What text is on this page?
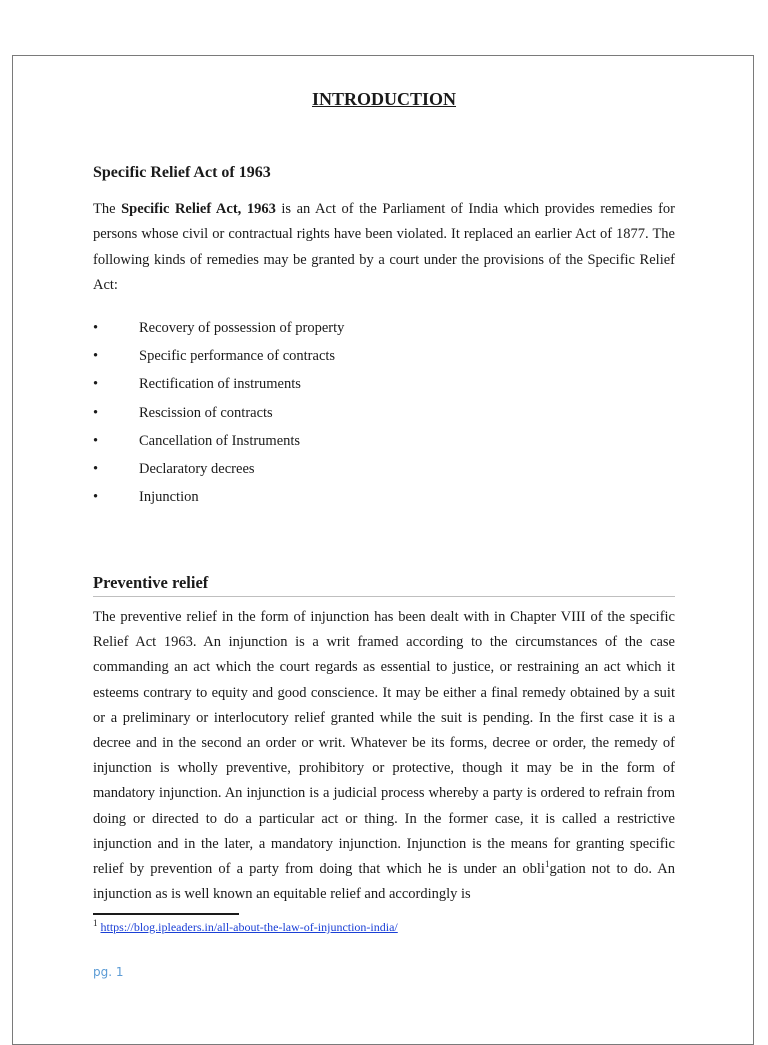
INTRODUCTION
Specific Relief Act of 1963

The Specific Relief Act, 1963 is an Act of the Parliament of India which provides remedies for persons whose civil or contractual rights have been violated. It replaced an earlier Act of 1877. The following kinds of remedies may be granted by a court under the provisions of the Specific Relief Act:

•	Recovery of possession of property
•	Specific performance of contracts
•	Rectification of instruments
•	Rescission of contracts
•	Cancellation of Instruments
•	Declaratory decrees
•	Injunction
Preventive relief

The preventive relief in the form of injunction has been dealt with in Chapter VIII of the specific Relief Act 1963. An injunction is a writ framed according to the circumstances of the case commanding an act which the court regards as essential to justice, or restraining an act which it esteems contrary to equity and good conscience. It may be either a final remedy obtained by a suit or a preliminary or interlocutory relief granted while the suit is pending. In the first case it is a decree and in the second an order or writ. Whatever be its forms, decree or order, the remedy of injunction is wholly preventive, prohibitory or protective, though it may be in the form of mandatory injunction. An injunction is a judicial process whereby a party is ordered to refrain from doing or directed to do a particular act or thing. In the former case, it is called a restrictive injunction and in the later, a mandatory injunction. Injunction is the means for granting specific relief by prevention of a party from doing that which he is under an obli$^1$gation not to do. An injunction as is well known an equitable relief and accordingly is

$^1$ https://blog.ipleaders.in/all-about-the-law-of-injunction-india/
pg. 1
